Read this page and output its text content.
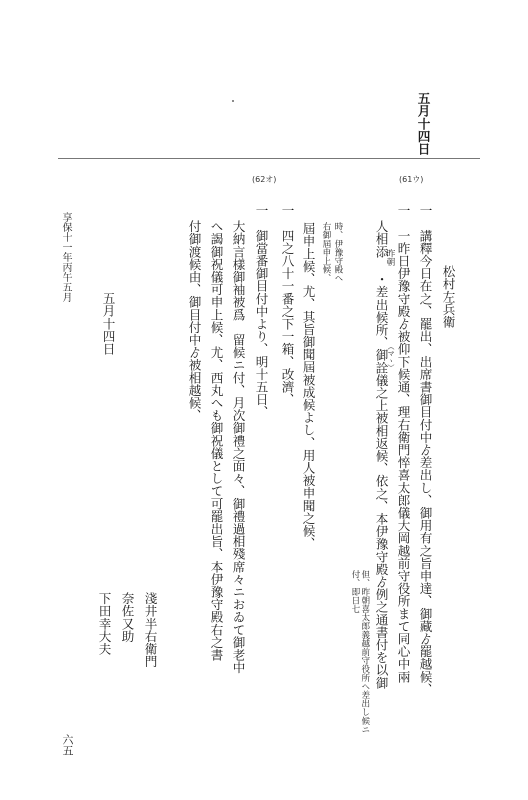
五月十四日
松村左兵衛
(62オ)	(61ウ)
一　講釋今日在之、罷出、出席書御目付中ゟ差出し、御用有之旨申達、御藏ゟ罷越候、
一　一昨日伊豫守殿ゟ被仰下候通、理右衛門悴喜太郎儀大岡越前守役所まて同心中兩
但、昨朝喜太郎義越前守役所へ差出し候ニ付、即日七
人相添
昨朝
・差出候所、御詮儀之上被相返候、依之、本伊豫守殿ゟ例之通書付を以御
（マヽ）
時、伊豫守殿へ
右御屆申上候、
屆申上候、尤、其旨御聞屆被成候よし、用人被申聞之候、
一　四之八十一番之下一箱、改濟、
一　御當番御目付中より、明十五日、
大納言樣御袖被爲　留候ニ付、月次御禮之面々、御禮過相殘席々ニおゐて御老中
へ謁御祝儀可申上候、尤、西丸へも御祝儀として可罷出旨、本伊豫守殿右之書
付御渡候由、御目付中ゟ被相越候、
五月十四日
淺井半右衛門
奈佐又助
下田幸大夫
享保十一年丙午五月
六五
